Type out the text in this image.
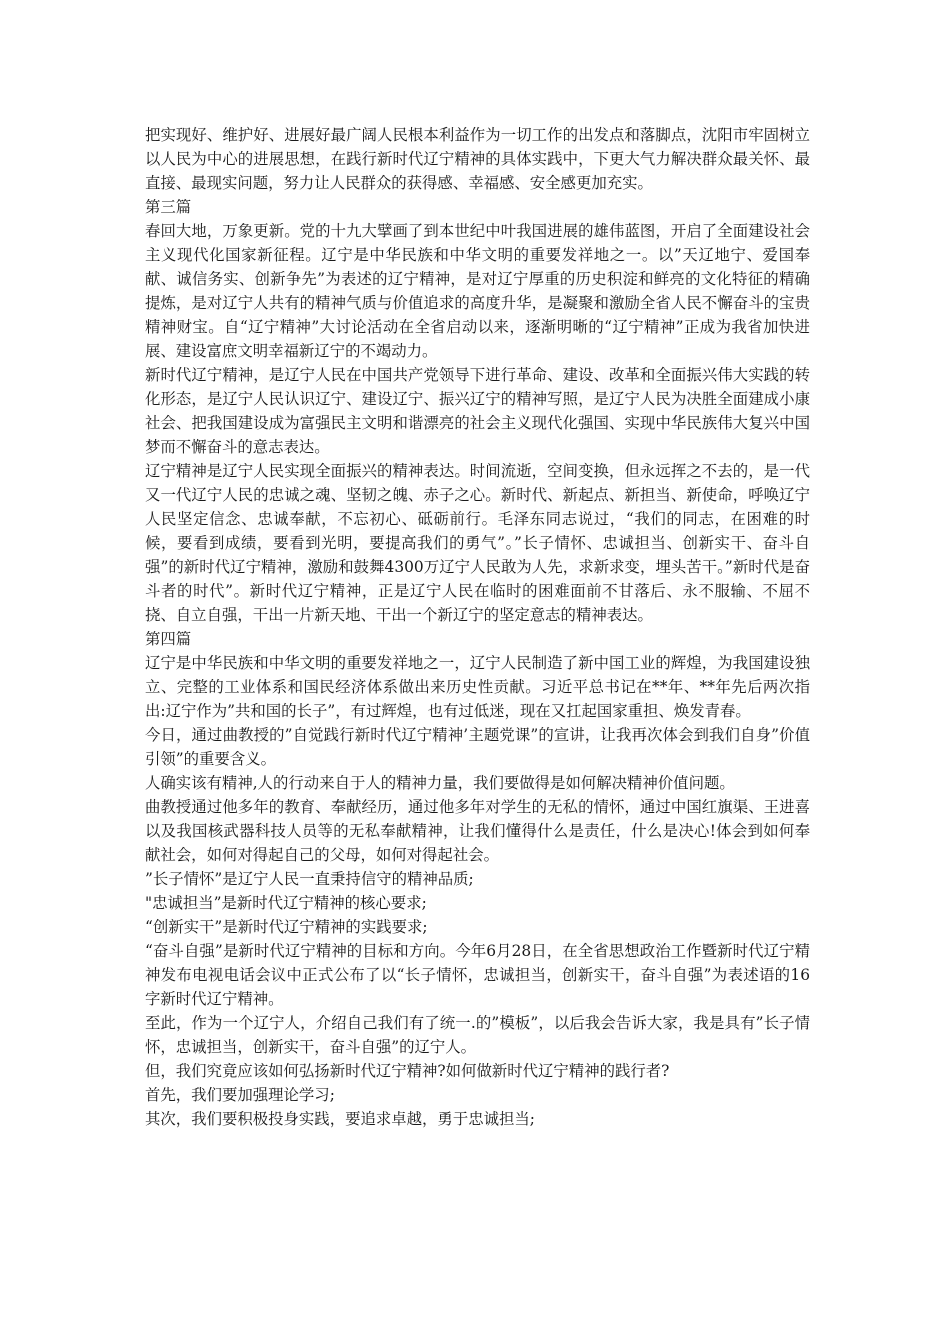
把实现好、维护好、进展好最广阔人民根本利益作为一切工作的出发点和落脚点，沈阳市牢固树立以人民为中心的进展思想，在践行新时代辽宁精神的具体实践中，下更大气力解决群众最关怀、最直接、最现实问题，努力让人民群众的获得感、幸福感、安全感更加充实。

第三篇

春回大地，万象更新。党的十九大擘画了到本世纪中叶我国进展的雄伟蓝图，开启了全面建设社会主义现代化国家新征程。辽宁是中华民族和中华文明的重要发祥地之一。以”天辽地宁、爱国奉献、诚信务实、创新争先”为表述的辽宁精神，是对辽宁厚重的历史积淀和鲜亮的文化特征的精确提炼，是对辽宁人共有的精神气质与价值追求的高度升华，是凝聚和激励全省人民不懈奋斗的宝贵精神财宝。自“辽宁精神”大讨论活动在全省启动以来，逐渐明晰的“辽宁精神”正成为我省加快进展、建设富庶文明幸福新辽宁的不竭动力。

新时代辽宁精神，是辽宁人民在中国共产党领导下进行革命、建设、改革和全面振兴伟大实践的转化形态，是辽宁人民认识辽宁、建设辽宁、振兴辽宁的精神写照，是辽宁人民为决胜全面建成小康社会、把我国建设成为富强民主文明和谐漂亮的社会主义现代化强国、实现中华民族伟大复兴中国梦而不懈奋斗的意志表达。

辽宁精神是辽宁人民实现全面振兴的精神表达。时间流逝，空间变换，但永远挥之不去的，是一代又一代辽宁人民的忠诚之魂、坚韧之魄、赤子之心。新时代、新起点、新担当、新使命，呼唤辽宁人民坚定信念、忠诚奉献，不忘初心、砥砺前行。毛泽东同志说过，“我们的同志，在困难的时候，要看到成绩，要看到光明，要提高我们的勇气”。”长子情怀、忠诚担当、创新实干、奋斗自强”的新时代辽宁精神，激励和鼓舞4300万辽宁人民敢为人先，求新求变，埋头苦干。”新时代是奋斗者的时代”。新时代辽宁精神，正是辽宁人民在临时的困难面前不甘落后、永不服输、不屈不挠、自立自强，干出一片新天地、干出一个新辽宁的坚定意志的精神表达。

第四篇

辽宁是中华民族和中华文明的重要发祥地之一，辽宁人民制造了新中国工业的辉煌，为我国建设独立、完整的工业体系和国民经济体系做出来历史性贡献。习近平总书记在**年、**年先后两次指出:辽宁作为”共和国的长子”，有过辉煌，也有过低迷，现在又扛起国家重担、焕发青春。

今日，通过曲教授的”自觉践行新时代辽宁精神’主题党课”的宣讲，让我再次体会到我们自身”价值引领”的重要含义。

人确实该有精神,人的行动来自于人的精神力量，我们要做得是如何解决精神价值问题。

曲教授通过他多年的教育、奉献经历，通过他多年对学生的无私的情怀，通过中国红旗渠、王进喜以及我国核武器科技人员等的无私奉献精神，让我们懂得什么是责任，什么是决心!体会到如何奉献社会，如何对得起自己的父母，如何对得起社会。

”长子情怀”是辽宁人民一直秉持信守的精神品质;

"忠诚担当”是新时代辽宁精神的核心要求;

“创新实干”是新时代辽宁精神的实践要求;

“奋斗自强”是新时代辽宁精神的目标和方向。今年6月28日，在全省思想政治工作暨新时代辽宁精神发布电视电话会议中正式公布了以“长子情怀，忠诚担当，创新实干，奋斗自强”为表述语的16字新时代辽宁精神。

至此，作为一个辽宁人，介绍自己我们有了统一.的”模板”，以后我会告诉大家，我是具有”长子情怀，忠诚担当，创新实干，奋斗自强”的辽宁人。

但，我们究竟应该如何弘扬新时代辽宁精神?如何做新时代辽宁精神的践行者?

首先，我们要加强理论学习;

其次，我们要积极投身实践，要追求卓越，勇于忠诚担当;
